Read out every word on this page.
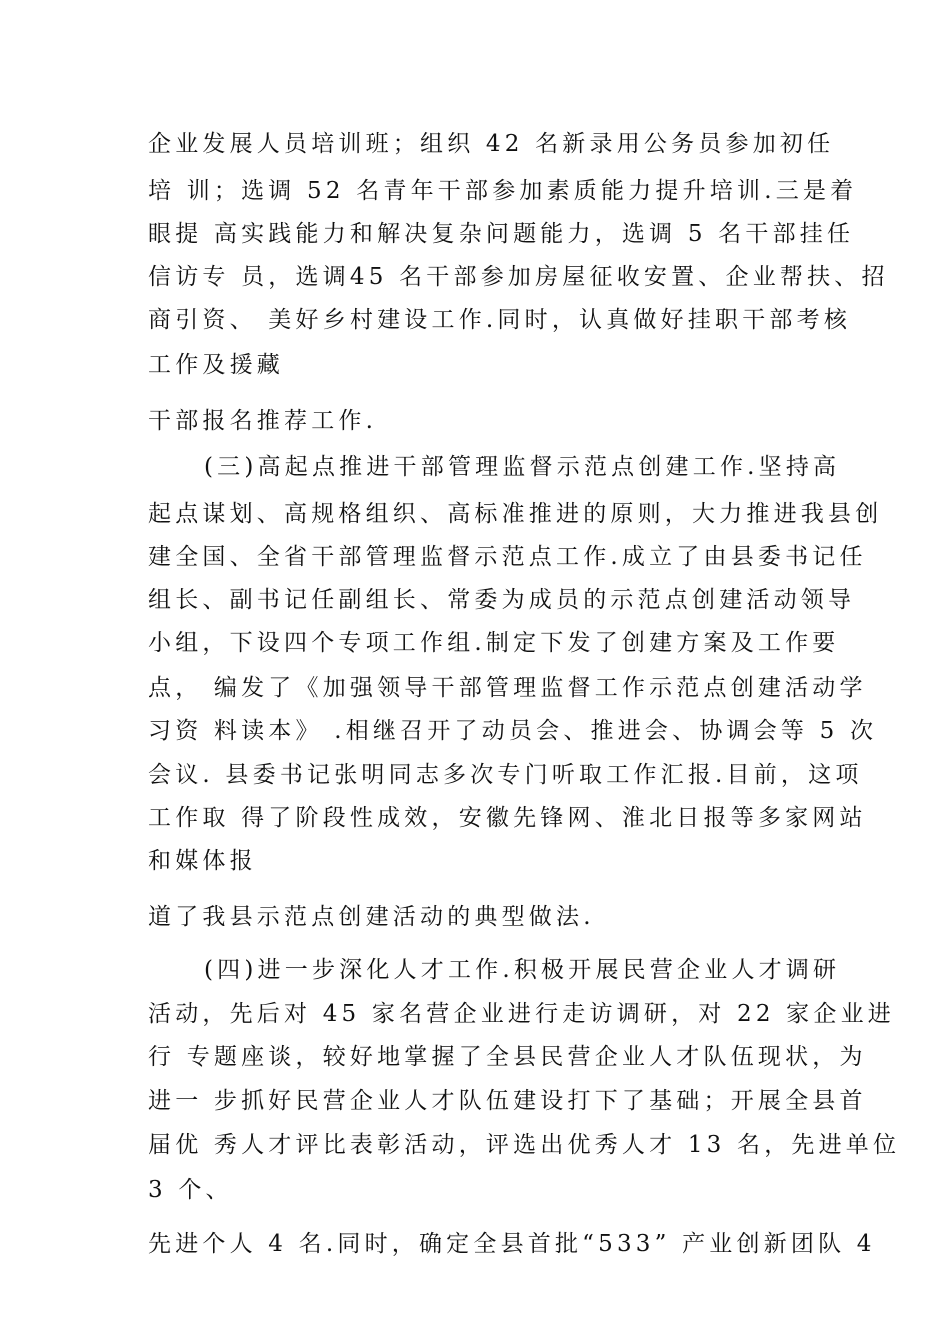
企业发展人员培训班；组织 42 名新录用公务员参加初任
培 训；选调 52 名青年干部参加素质能力提升培训.三是着
眼提 高实践能力和解决复杂问题能力，选调 5 名干部挂任
信访专 员，选调45 名干部参加房屋征收安置、企业帮扶、招
商引资、 美好乡村建设工作.同时，认真做好挂职干部考核
工作及援藏
干部报名推荐工作.
(三)高起点推进干部管理监督示范点创建工作.坚持高
起点谋划、高规格组织、高标准推进的原则，大力推进我县创
建全国、全省干部管理监督示范点工作.成立了由县委书记任
组长、副书记任副组长、常委为成员的示范点创建活动领导
小组，下设四个专项工作组.制定下发了创建方案及工作要
点， 编发了《加强领导干部管理监督工作示范点创建活动学
习资 料读本》 .相继召开了动员会、推进会、协调会等 5 次
会议. 县委书记张明同志多次专门听取工作汇报.目前，这项
工作取 得了阶段性成效，安徽先锋网、淮北日报等多家网站
和媒体报
道了我县示范点创建活动的典型做法.
(四)进一步深化人才工作.积极开展民营企业人才调研
活动，先后对 45 家名营企业进行走访调研，对 22 家企业进
行 专题座谈，较好地掌握了全县民营企业人才队伍现状，为
进一 步抓好民营企业人才队伍建设打下了基础；开展全县首
届优 秀人才评比表彰活动，评选出优秀人才 13 名，先进单位
3 个、
先进个人 4 名.同时，确定全县首批“533” 产业创新团队 4
